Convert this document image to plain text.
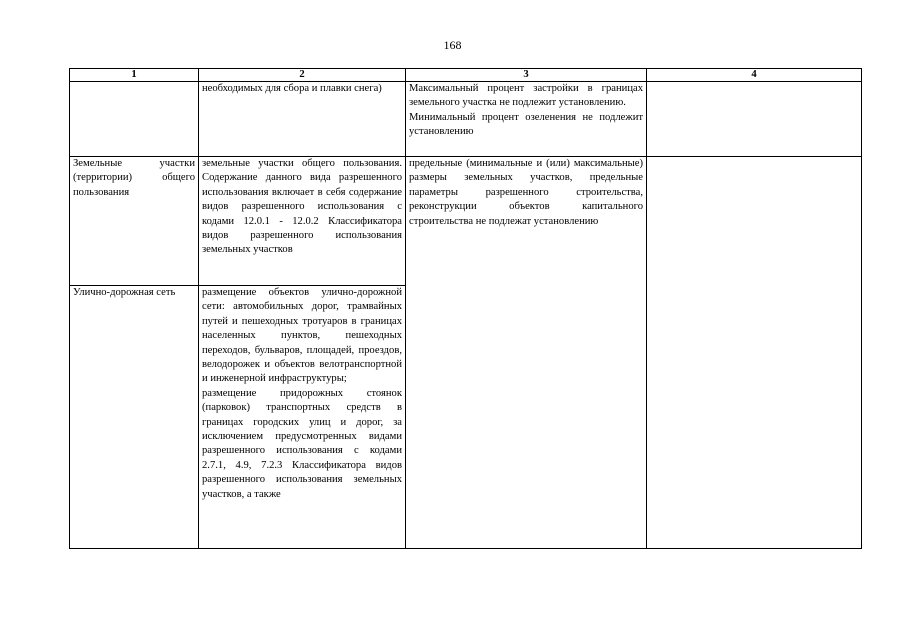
168
1	2	3	4
	необходимых для сбора и плавки снега)	Максимальный процент застройки в границах земельного участка не подлежит установлению.
Минимальный процент озеленения не подлежит установлению	

Земельные участки (территории) общего пользования	земельные участки общего пользования. Содержание данного вида разрешенного использования включает в себя содержание видов разрешенного использования с кодами 12.0.1 - 12.0.2 Классификатора видов разрешенного использования земельных участков	предельные (минимальные и (или) максимальные) размеры земельных участков, предельные параметры разрешенного строительства, реконструкции объектов капитального строительства не подлежат установлению	
Улично-дорожная сеть	размещение объектов улично-дорожной сети: автомобильных дорог, трамвайных путей и пешеходных тротуаров в границах населенных пунктов, пешеходных переходов, бульваров, площадей, проездов, велодорожек и объектов велотранспортной и инженерной инфраструктуры;
размещение придорожных стоянок (парковок) транспортных средств в границах городских улиц и дорог, за исключением предусмотренных видами разрешенного использования с кодами 2.7.1, 4.9, 7.2.3 Классификатора видов разрешенного использования земельных участков, а также		
